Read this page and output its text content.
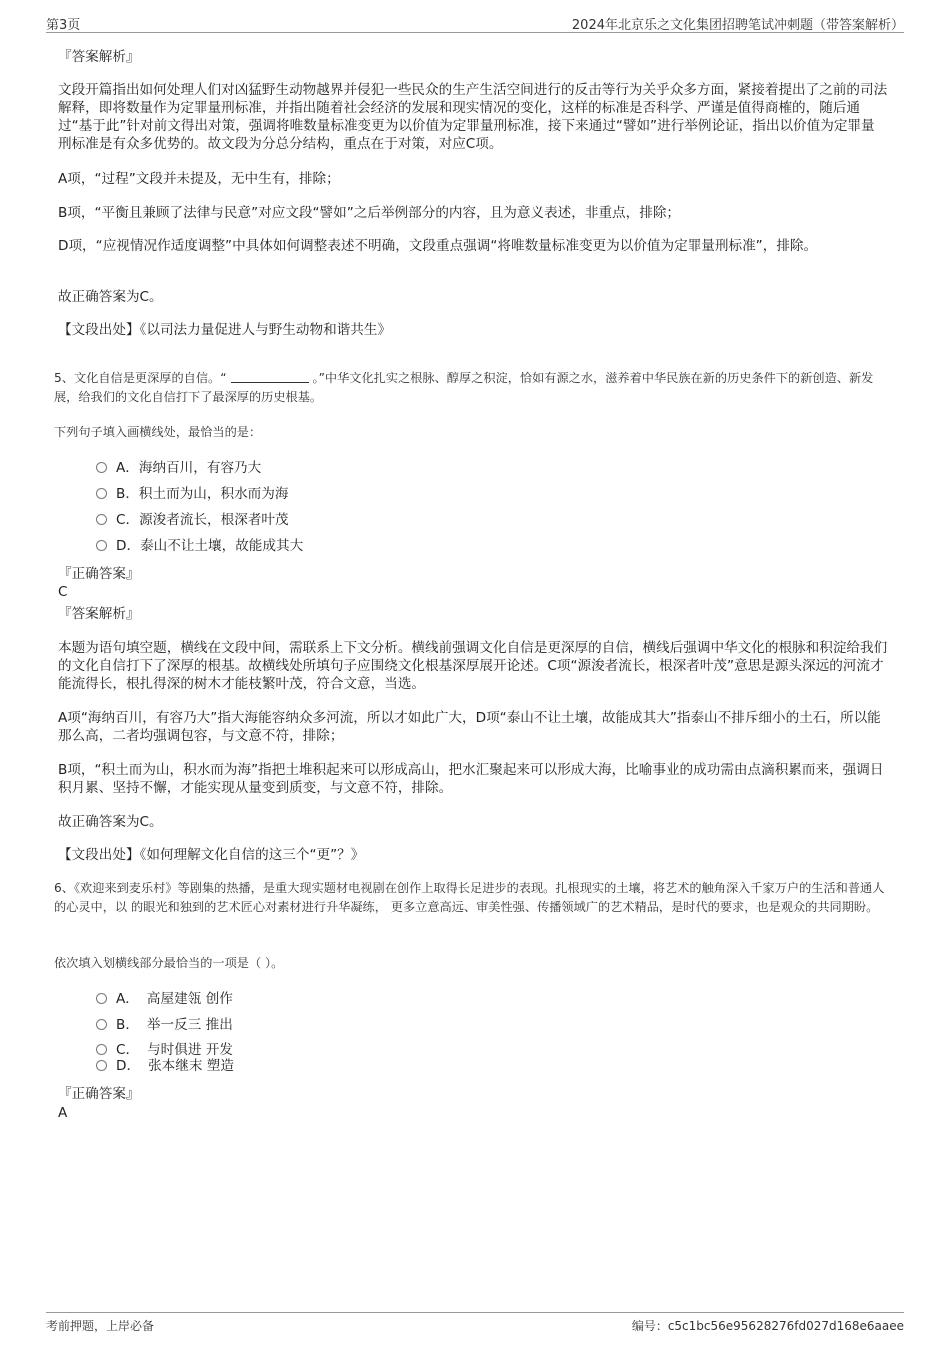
第3页	2024年北京乐之文化集团招聘笔试冲刺题（带答案解析）
『答案解析』
文段开篇指出如何处理人们对凶猛野生动物越界并侵犯一些民众的生产生活空间进行的反击等行为关乎众多方面，紧接着提出了之前的司法解释，即将数量作为定罪量刑标准，并指出随着社会经济的发展和现实情况的变化，这样的标准是否科学、严谨是值得商榷的，随后通过“基于此”针对前文得出对策，强调将唯数量标准变更为以价值为定罪量刑标准，接下来通过“譬如”进行举例论证，指出以价值为定罪量刑标准是有众多优势的。故文段为分总分结构，重点在于对策，对应C项。
A项，“过程”文段并未提及，无中生有，排除；
B项，“平衡且兼顾了法律与民意”对应文段“譬如”之后举例部分的内容，且为意义表述，非重点，排除；
D项，“应视情况作适度调整”中具体如何调整表述不明确，文段重点强调“将唯数量标准变更为以价值为定罪量刑标准”，排除。
故正确答案为C。
【文段出处】《以司法力量促进人与野生动物和谐共生》
5、文化自信是更深厚的自信。“	。”中华文化扎实之根脉、醇厚之积淀，恰如有源之水，滋养着中华民族在新的历史条件下的新创造、新发展，给我们的文化自信打下了最深厚的历史根基。
下列句子填入画横线处，最恰当的是：
A．海纳百川，有容乃大
B．积土而为山，积水而为海
C．源浚者流长，根深者叶茂
D．泰山不让土壤，故能成其大
『正确答案』
C
『答案解析』
本题为语句填空题，横线在文段中间，需联系上下文分析。横线前强调文化自信是更深厚的自信，横线后强调中华文化的根脉和积淀给我们的文化自信打下了深厚的根基。故横线处所填句子应围绕文化根基深厚展开论述。C项“源浚者流长，根深者叶茂”意思是源头深远的河流才能流得长，根扎得深的树木才能枝繁叶茂，符合文意，当选。
A项“海纳百川，有容乃大”指大海能容纳众多河流，所以才如此广大，D项“泰山不让土壤，故能成其大”指泰山不排斥细小的土石，所以能那么高，二者均强调包容，与文意不符，排除；
B项，“积土而为山，积水而为海”指把土堆积起来可以形成高山，把水汇聚起来可以形成大海，比喻事业的成功需由点滴积累而来，强调日积月累、坚持不懈，才能实现从量变到质变，与文意不符，排除。
故正确答案为C。
【文段出处】《如何理解文化自信的这三个“更”？》
6、《欢迎来到麦乐村》等剧集的热播，是重大现实题材电视剧在创作上取得长足进步的表现。扎根现实的土壤，将艺术的触角深入千家万户的生活和普通人的心灵中，以 的眼光和独到的艺术匠心对素材进行升华凝练， 更多立意高远、审美性强、传播领域广的艺术精品，是时代的要求，也是观众的共同期盼。
依次填入划横线部分最恰当的一项是（ ）。
A． 高屋建瓴 创作
B． 举一反三 推出
C． 与时俱进 开发
D． 张本继末 塑造
『正确答案』
A
考前押题，上岸必备	编号：c5c1bc56e95628276fd027d168e6aaee
